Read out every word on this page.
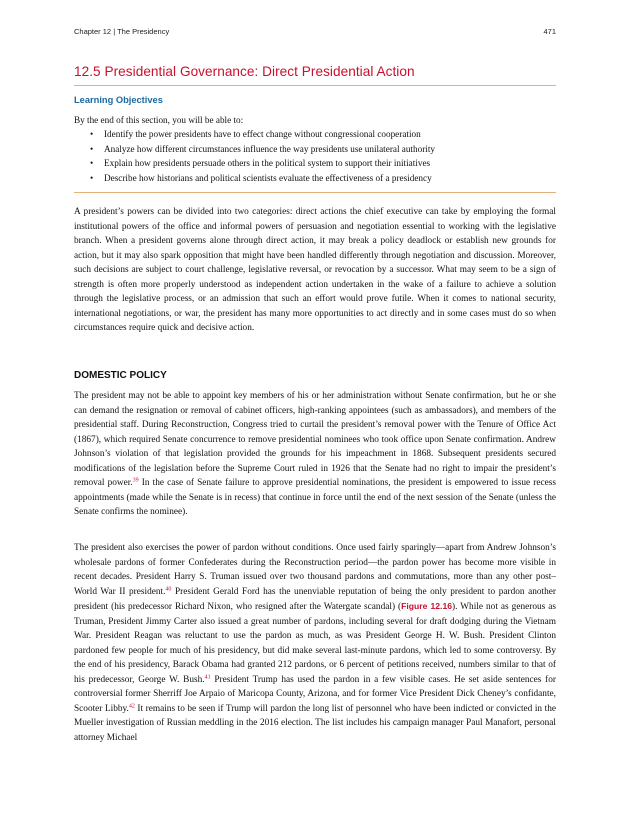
Chapter 12 | The Presidency	471
12.5 Presidential Governance: Direct Presidential Action
Learning Objectives
By the end of this section, you will be able to:
• Identify the power presidents have to effect change without congressional cooperation
• Analyze how different circumstances influence the way presidents use unilateral authority
• Explain how presidents persuade others in the political system to support their initiatives
• Describe how historians and political scientists evaluate the effectiveness of a presidency

A president’s powers can be divided into two categories: direct actions the chief executive can take by employing the formal institutional powers of the office and informal powers of persuasion and negotiation essential to working with the legislative branch. When a president governs alone through direct action, it may break a policy deadlock or establish new grounds for action, but it may also spark opposition that might have been handled differently through negotiation and discussion. Moreover, such decisions are subject to court challenge, legislative reversal, or revocation by a successor. What may seem to be a sign of strength is often more properly understood as independent action undertaken in the wake of a failure to achieve a solution through the legislative process, or an admission that such an effort would prove futile. When it comes to national security, international negotiations, or war, the president has many more opportunities to act directly and in some cases must do so when circumstances require quick and decisive action.

DOMESTIC POLICY

The president may not be able to appoint key members of his or her administration without Senate confirmation, but he or she can demand the resignation or removal of cabinet officers, high-ranking appointees (such as ambassadors), and members of the presidential staff. During Reconstruction, Congress tried to curtail the president’s removal power with the Tenure of Office Act (1867), which required Senate concurrence to remove presidential nominees who took office upon Senate confirmation. Andrew Johnson’s violation of that legislation provided the grounds for his impeachment in 1868. Subsequent presidents secured modifications of the legislation before the Supreme Court ruled in 1926 that the Senate had no right to impair the president’s removal power.$^{39}$ In the case of Senate failure to approve presidential nominations, the president is empowered to issue recess appointments (made while the Senate is in recess) that continue in force until the end of the next session of the Senate (unless the Senate confirms the nominee).

The president also exercises the power of pardon without conditions. Once used fairly sparingly—apart from Andrew Johnson’s wholesale pardons of former Confederates during the Reconstruction period—the pardon power has become more visible in recent decades. President Harry S. Truman issued over two thousand pardons and commutations, more than any other post–World War II president.$^{40}$ President Gerald Ford has the unenviable reputation of being the only president to pardon another president (his predecessor Richard Nixon, who resigned after the Watergate scandal) (Figure 12.16). While not as generous as Truman, President Jimmy Carter also issued a great number of pardons, including several for draft dodging during the Vietnam War. President Reagan was reluctant to use the pardon as much, as was President George H. W. Bush. President Clinton pardoned few people for much of his presidency, but did make several last-minute pardons, which led to some controversy. By the end of his presidency, Barack Obama had granted 212 pardons, or 6 percent of petitions received, numbers similar to that of his predecessor, George W. Bush.$^{41}$ President Trump has used the pardon in a few visible cases. He set aside sentences for controversial former Sherriff Joe Arpaio of Maricopa County, Arizona, and for former Vice President Dick Cheney’s confidante, Scooter Libby.$^{42}$ It remains to be seen if Trump will pardon the long list of personnel who have been indicted or convicted in the Mueller investigation of Russian meddling in the 2016 election. The list includes his campaign manager Paul Manafort, personal attorney Michael
